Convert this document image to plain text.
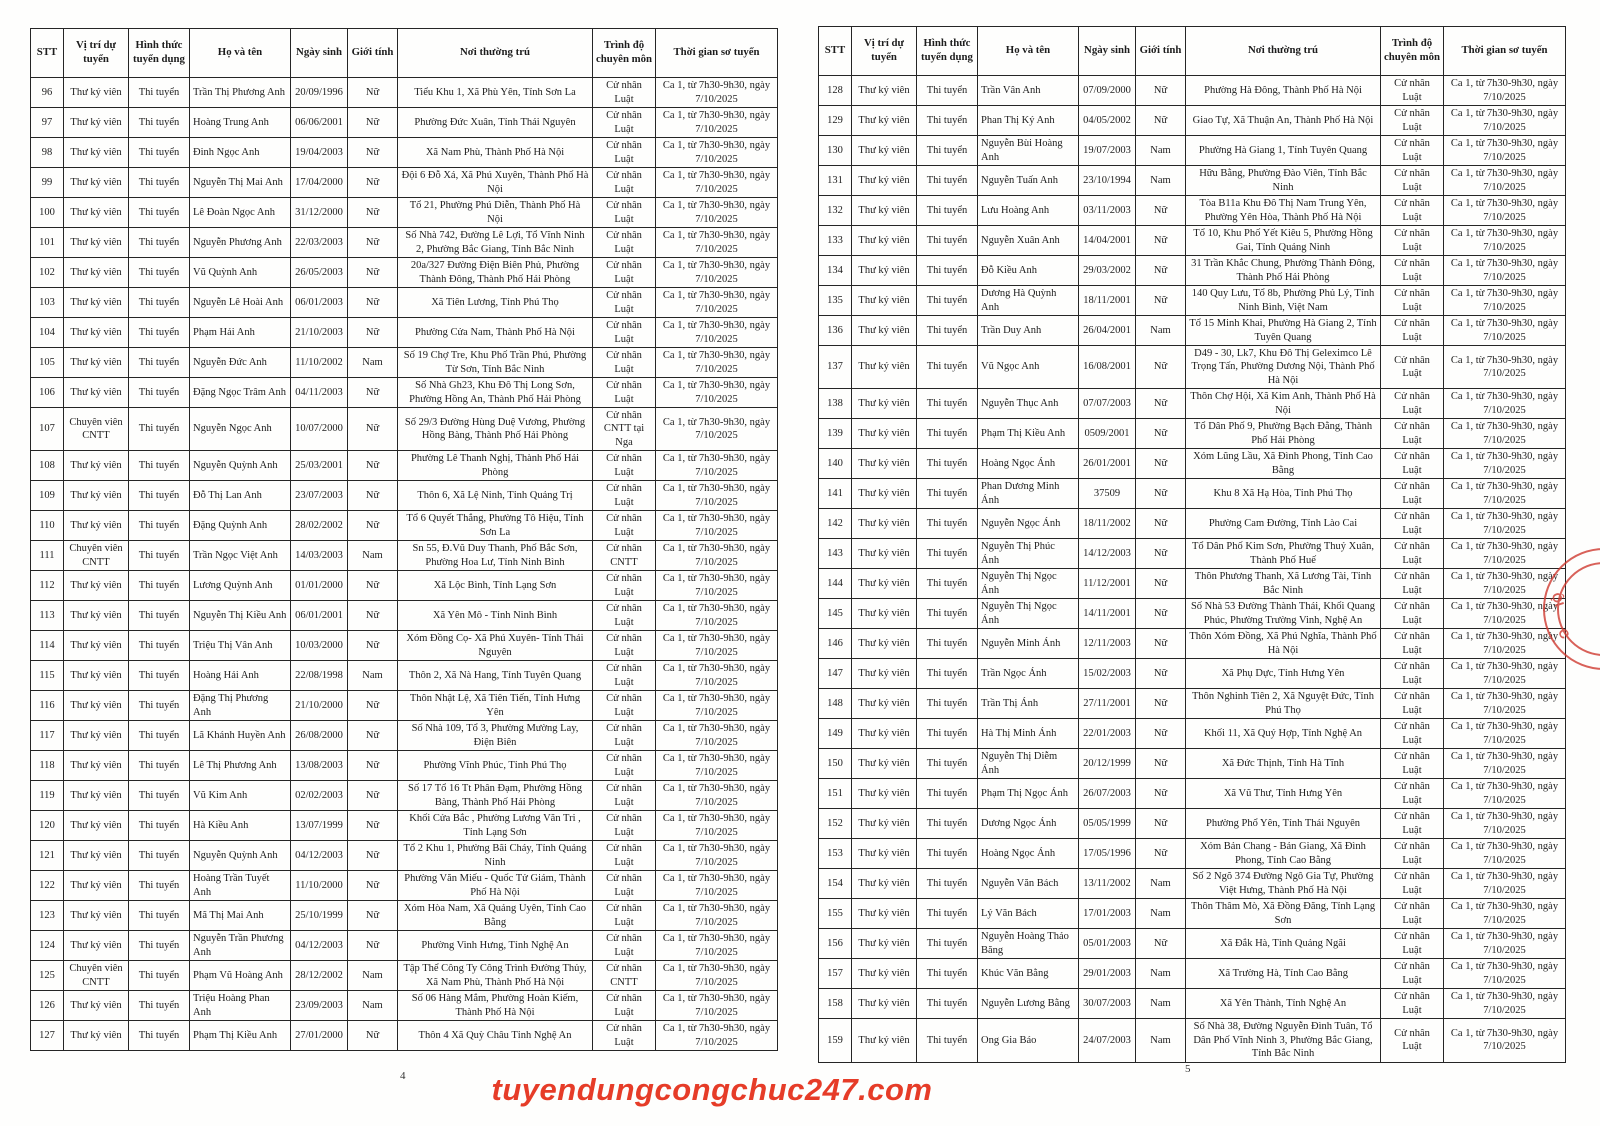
STT	Vị trí dự tuyển	Hình thức tuyển dụng	Họ và tên	Ngày sinh	Giới tính	Nơi thường trú	Trình độ chuyên môn	Thời gian sơ tuyển
96	Thư ký viên	Thi tuyển	Trần Thị Phương Anh	20/09/1996	Nữ	Tiểu Khu 1, Xã Phù Yên, Tỉnh Sơn La	Cử nhân Luật	Ca 1, từ 7h30-9h30, ngày 7/10/2025
97	Thư ký viên	Thi tuyển	Hoàng Trung Anh	06/06/2001	Nữ	Phường Đức Xuân, Tỉnh Thái Nguyên	Cử nhân Luật	Ca 1, từ 7h30-9h30, ngày 7/10/2025
98	Thư ký viên	Thi tuyển	Đinh Ngọc Anh	19/04/2003	Nữ	Xã Nam Phù, Thành Phố Hà Nội	Cử nhân Luật	Ca 1, từ 7h30-9h30, ngày 7/10/2025
99	Thư ký viên	Thi tuyển	Nguyễn Thị Mai Anh	17/04/2000	Nữ	Đội 6 Đỗ Xá, Xã Phú Xuyên, Thành Phố Hà Nội	Cử nhân Luật	Ca 1, từ 7h30-9h30, ngày 7/10/2025
100	Thư ký viên	Thi tuyển	Lê Đoàn Ngọc Anh	31/12/2000	Nữ	Tổ 21, Phường Phú Diễn, Thành Phố Hà Nội	Cử nhân Luật	Ca 1, từ 7h30-9h30, ngày 7/10/2025
101	Thư ký viên	Thi tuyển	Nguyễn Phương Anh	22/03/2003	Nữ	Số Nhà 742, Đường Lê Lợi, Tổ Vĩnh Ninh 2, Phường Bắc Giang, Tỉnh Bắc Ninh	Cử nhân Luật	Ca 1, từ 7h30-9h30, ngày 7/10/2025
102	Thư ký viên	Thi tuyển	Vũ Quỳnh Anh	26/05/2003	Nữ	20a/327 Đường Điện Biên Phủ, Phường Thành Đông, Thành Phố Hải Phòng	Cử nhân Luật	Ca 1, từ 7h30-9h30, ngày 7/10/2025
103	Thư ký viên	Thi tuyển	Nguyễn Lê Hoài Anh	06/01/2003	Nữ	Xã Tiên Lương, Tỉnh Phú Thọ	Cử nhân Luật	Ca 1, từ 7h30-9h30, ngày 7/10/2025
104	Thư ký viên	Thi tuyển	Phạm Hải Anh	21/10/2003	Nữ	Phường Cửa Nam, Thành Phố Hà Nội	Cử nhân Luật	Ca 1, từ 7h30-9h30, ngày 7/10/2025
105	Thư ký viên	Thi tuyển	Nguyễn Đức Anh	11/10/2002	Nam	Số 19 Chợ Tre, Khu Phố Trần Phú, Phường Từ Sơn, Tỉnh Bắc Ninh	Cử nhân Luật	Ca 1, từ 7h30-9h30, ngày 7/10/2025
106	Thư ký viên	Thi tuyển	Đặng Ngọc Trâm Anh	04/11/2003	Nữ	Số Nhà Gh23, Khu Đô Thị Long Sơn, Phường Hồng An, Thành Phố Hải Phòng	Cử nhân Luật	Ca 1, từ 7h30-9h30, ngày 7/10/2025
107	Chuyên viên CNTT	Thi tuyển	Nguyễn Ngọc Anh	10/07/2000	Nữ	Số 29/3 Đường Hùng Duệ Vương, Phường Hồng Bàng, Thành Phố Hải Phòng	Cử nhân CNTT tại Nga	Ca 1, từ 7h30-9h30, ngày 7/10/2025
108	Thư ký viên	Thi tuyển	Nguyễn Quỳnh Anh	25/03/2001	Nữ	Phường Lê Thanh Nghị, Thành Phố Hải Phòng	Cử nhân Luật	Ca 1, từ 7h30-9h30, ngày 7/10/2025
109	Thư ký viên	Thi tuyển	Đỗ Thị Lan Anh	23/07/2003	Nữ	Thôn 6, Xã Lệ Ninh, Tỉnh Quảng Trị	Cử nhân Luật	Ca 1, từ 7h30-9h30, ngày 7/10/2025
110	Thư ký viên	Thi tuyển	Đặng Quỳnh Anh	28/02/2002	Nữ	Tổ 6 Quyết Thắng, Phường Tô Hiệu, Tỉnh Sơn La	Cử nhân Luật	Ca 1, từ 7h30-9h30, ngày 7/10/2025
111	Chuyên viên CNTT	Thi tuyển	Trần Ngọc Việt Anh	14/03/2003	Nam	Sn 55, Đ.Vũ Duy Thanh, Phố Bắc Sơn, Phường Hoa Lư, Tỉnh Ninh Bình	Cử nhân CNTT	Ca 1, từ 7h30-9h30, ngày 7/10/2025
112	Thư ký viên	Thi tuyển	Lương Quỳnh Anh	01/01/2000	Nữ	Xã Lộc Bình, Tỉnh Lạng Sơn	Cử nhân Luật	Ca 1, từ 7h30-9h30, ngày 7/10/2025
113	Thư ký viên	Thi tuyển	Nguyễn Thị Kiều Anh	06/01/2001	Nữ	Xã Yên Mô - Tỉnh Ninh Bình	Cử nhân Luật	Ca 1, từ 7h30-9h30, ngày 7/10/2025
114	Thư ký viên	Thi tuyển	Triệu Thị Vân Anh	10/03/2000	Nữ	Xóm Đồng Cọ- Xã Phú Xuyên- Tỉnh Thái Nguyên	Cử nhân Luật	Ca 1, từ 7h30-9h30, ngày 7/10/2025
115	Thư ký viên	Thi tuyển	Hoàng Hải Anh	22/08/1998	Nam	Thôn 2, Xã Nà Hang, Tỉnh Tuyên Quang	Cử nhân Luật	Ca 1, từ 7h30-9h30, ngày 7/10/2025
116	Thư ký viên	Thi tuyển	Đặng Thị Phương Anh	21/10/2000	Nữ	Thôn Nhật Lệ, Xã Tiên Tiến, Tỉnh Hưng Yên	Cử nhân Luật	Ca 1, từ 7h30-9h30, ngày 7/10/2025
117	Thư ký viên	Thi tuyển	Lã Khánh Huyền Anh	26/08/2000	Nữ	Số Nhà 109, Tổ 3, Phường Mường Lay, Điện Biên	Cử nhân Luật	Ca 1, từ 7h30-9h30, ngày 7/10/2025
118	Thư ký viên	Thi tuyển	Lê Thị Phương Anh	13/08/2003	Nữ	Phường Vĩnh Phúc, Tỉnh Phú Thọ	Cử nhân Luật	Ca 1, từ 7h30-9h30, ngày 7/10/2025
119	Thư ký viên	Thi tuyển	Vũ Kim Anh	02/02/2003	Nữ	Số 17 Tổ 16 Tt Phân Đạm, Phường Hồng Bàng, Thành Phố Hải Phòng	Cử nhân Luật	Ca 1, từ 7h30-9h30, ngày 7/10/2025
120	Thư ký viên	Thi tuyển	Hà Kiều Anh	13/07/1999	Nữ	Khối Cửa Bắc , Phường Lương Văn Tri , Tỉnh Lạng Sơn	Cử nhân Luật	Ca 1, từ 7h30-9h30, ngày 7/10/2025
121	Thư ký viên	Thi tuyển	Nguyễn Quỳnh Anh	04/12/2003	Nữ	Tổ 2 Khu 1, Phường Bãi Cháy, Tỉnh Quảng Ninh	Cử nhân Luật	Ca 1, từ 7h30-9h30, ngày 7/10/2025
122	Thư ký viên	Thi tuyển	Hoàng Trần Tuyết Anh	11/10/2000	Nữ	Phường Văn Miếu - Quốc Tử Giám, Thành Phố Hà Nội	Cử nhân Luật	Ca 1, từ 7h30-9h30, ngày 7/10/2025
123	Thư ký viên	Thi tuyển	Mã Thị Mai Anh	25/10/1999	Nữ	Xóm Hòa Nam, Xã Quảng Uyên, Tỉnh Cao Bằng	Cử nhân Luật	Ca 1, từ 7h30-9h30, ngày 7/10/2025
124	Thư ký viên	Thi tuyển	Nguyễn Trần Phương Anh	04/12/2003	Nữ	Phường Vinh Hưng, Tỉnh Nghệ An	Cử nhân Luật	Ca 1, từ 7h30-9h30, ngày 7/10/2025
125	Chuyên viên CNTT	Thi tuyển	Phạm Vũ Hoàng Anh	28/12/2002	Nam	Tập Thể Công Ty Công Trình Đường Thủy, Xã Nam Phù, Thành Phố Hà Nội	Cử nhân CNTT	Ca 1, từ 7h30-9h30, ngày 7/10/2025
126	Thư ký viên	Thi tuyển	Triệu Hoàng Phan Anh	23/09/2003	Nam	Số 06 Hàng Mắm, Phường Hoàn Kiếm, Thành Phố Hà Nội	Cử nhân Luật	Ca 1, từ 7h30-9h30, ngày 7/10/2025
127	Thư ký viên	Thi tuyển	Phạm Thị Kiều Anh	27/01/2000	Nữ	Thôn 4 Xã Quỳ Châu Tỉnh Nghệ An	Cử nhân Luật	Ca 1, từ 7h30-9h30, ngày 7/10/2025
STT	Vị trí dự tuyển	Hình thức tuyển dụng	Họ và tên	Ngày sinh	Giới tính	Nơi thường trú	Trình độ chuyên môn	Thời gian sơ tuyển
128	Thư ký viên	Thi tuyển	Trần Vân Anh	07/09/2000	Nữ	Phường Hà Đông, Thành Phố Hà Nội	Cử nhân Luật	Ca 1, từ 7h30-9h30, ngày 7/10/2025
129	Thư ký viên	Thi tuyển	Phan Thị Ký Anh	04/05/2002	Nữ	Giao Tự, Xã Thuận An, Thành Phố Hà Nội	Cử nhân Luật	Ca 1, từ 7h30-9h30, ngày 7/10/2025
130	Thư ký viên	Thi tuyển	Nguyễn Bùi Hoàng Anh	19/07/2003	Nam	Phường Hà Giang 1, Tỉnh Tuyên Quang	Cử nhân Luật	Ca 1, từ 7h30-9h30, ngày 7/10/2025
131	Thư ký viên	Thi tuyển	Nguyễn Tuấn Anh	23/10/1994	Nam	Hữu Bằng, Phường Đào Viên, Tỉnh Bắc Ninh	Cử nhân Luật	Ca 1, từ 7h30-9h30, ngày 7/10/2025
132	Thư ký viên	Thi tuyển	Lưu Hoàng Anh	03/11/2003	Nữ	Tòa B11a Khu Đô Thị Nam Trung Yên, Phường Yên Hòa, Thành Phố Hà Nội	Cử nhân Luật	Ca 1, từ 7h30-9h30, ngày 7/10/2025
133	Thư ký viên	Thi tuyển	Nguyễn Xuân Anh	14/04/2001	Nữ	Tổ 10, Khu Phố Yết Kiêu 5, Phường Hồng Gai, Tỉnh Quảng Ninh	Cử nhân Luật	Ca 1, từ 7h30-9h30, ngày 7/10/2025
134	Thư ký viên	Thi tuyển	Đỗ Kiều Anh	29/03/2002	Nữ	31 Trần Khắc Chung, Phường Thành Đông, Thành Phố Hải Phòng	Cử nhân Luật	Ca 1, từ 7h30-9h30, ngày 7/10/2025
135	Thư ký viên	Thi tuyển	Dương Hà Quỳnh Anh	18/11/2001	Nữ	140 Quy Lưu, Tổ 8b, Phường Phủ Lý, Tỉnh Ninh Bình, Việt Nam	Cử nhân Luật	Ca 1, từ 7h30-9h30, ngày 7/10/2025
136	Thư ký viên	Thi tuyển	Trần Duy Anh	26/04/2001	Nam	Tổ 15 Minh Khai, Phường Hà Giang 2, Tỉnh Tuyên Quang	Cử nhân Luật	Ca 1, từ 7h30-9h30, ngày 7/10/2025
137	Thư ký viên	Thi tuyển	Vũ Ngọc Anh	16/08/2001	Nữ	D49 - 30, Lk7, Khu Đô Thị Geleximco Lê Trọng Tấn, Phường Dương Nội, Thành Phố Hà Nội	Cử nhân Luật	Ca 1, từ 7h30-9h30, ngày 7/10/2025
138	Thư ký viên	Thi tuyển	Nguyễn Thục Anh	07/07/2003	Nữ	Thôn Chợ Hội, Xã Kim Anh, Thành Phố Hà Nội	Cử nhân Luật	Ca 1, từ 7h30-9h30, ngày 7/10/2025
139	Thư ký viên	Thi tuyển	Phạm Thị Kiều Anh	0509/2001	Nữ	Tổ Dân Phố 9, Phường Bạch Đằng, Thành Phố Hải Phòng	Cử nhân Luật	Ca 1, từ 7h30-9h30, ngày 7/10/2025
140	Thư ký viên	Thi tuyển	Hoàng Ngọc Ánh	26/01/2001	Nữ	Xóm Lũng Lầu, Xã Đình Phong, Tỉnh Cao Bằng	Cử nhân Luật	Ca 1, từ 7h30-9h30, ngày 7/10/2025
141	Thư ký viên	Thi tuyển	Phan Dương Minh Ánh	37509	Nữ	Khu 8 Xã Hạ Hòa, Tỉnh Phú Thọ	Cử nhân Luật	Ca 1, từ 7h30-9h30, ngày 7/10/2025
142	Thư ký viên	Thi tuyển	Nguyễn Ngọc Ánh	18/11/2002	Nữ	Phường Cam Đường, Tỉnh Lào Cai	Cử nhân Luật	Ca 1, từ 7h30-9h30, ngày 7/10/2025
143	Thư ký viên	Thi tuyển	Nguyễn Thị Phúc Ánh	14/12/2003	Nữ	Tổ Dân Phố Kim Sơn, Phường Thuỷ Xuân, Thành Phố Huế	Cử nhân Luật	Ca 1, từ 7h30-9h30, ngày 7/10/2025
144	Thư ký viên	Thi tuyển	Nguyễn Thị Ngọc Ánh	11/12/2001	Nữ	Thôn Phương Thanh, Xã Lương Tài, Tỉnh Bắc Ninh	Cử nhân Luật	Ca 1, từ 7h30-9h30, ngày 7/10/2025
145	Thư ký viên	Thi tuyển	Nguyễn Thị Ngọc Ánh	14/11/2001	Nữ	Số Nhà 53 Đường Thành Thái, Khối Quang Phúc, Phường Trường Vinh, Nghệ An	Cử nhân Luật	Ca 1, từ 7h30-9h30, ngày 7/10/2025
146	Thư ký viên	Thi tuyển	Nguyễn Minh Ánh	12/11/2003	Nữ	Thôn Xóm Đồng, Xã Phú Nghĩa, Thành Phố Hà Nội	Cử nhân Luật	Ca 1, từ 7h30-9h30, ngày 7/10/2025
147	Thư ký viên	Thi tuyển	Trần Ngọc Ánh	15/02/2003	Nữ	Xã Phụ Dực, Tỉnh Hưng Yên	Cử nhân Luật	Ca 1, từ 7h30-9h30, ngày 7/10/2025
148	Thư ký viên	Thi tuyển	Trần Thị Ánh	27/11/2001	Nữ	Thôn Nghinh Tiên 2, Xã Nguyệt Đức, Tỉnh Phú Thọ	Cử nhân Luật	Ca 1, từ 7h30-9h30, ngày 7/10/2025
149	Thư ký viên	Thi tuyển	Hà Thị Minh Ánh	22/01/2003	Nữ	Khối 11, Xã Quý Hợp, Tỉnh Nghệ An	Cử nhân Luật	Ca 1, từ 7h30-9h30, ngày 7/10/2025
150	Thư ký viên	Thi tuyển	Nguyễn Thị Diễm Ánh	20/12/1999	Nữ	Xã Đức Thịnh, Tỉnh Hà Tĩnh	Cử nhân Luật	Ca 1, từ 7h30-9h30, ngày 7/10/2025
151	Thư ký viên	Thi tuyển	Phạm Thị Ngọc Ánh	26/07/2003	Nữ	Xã Vũ Thư, Tỉnh Hưng Yên	Cử nhân Luật	Ca 1, từ 7h30-9h30, ngày 7/10/2025
152	Thư ký viên	Thi tuyển	Dương Ngọc Ánh	05/05/1999	Nữ	Phường Phổ Yên, Tỉnh Thái Nguyên	Cử nhân Luật	Ca 1, từ 7h30-9h30, ngày 7/10/2025
153	Thư ký viên	Thi tuyển	Hoàng Ngọc Ánh	17/05/1996	Nữ	Xóm Bản Chang - Bản Giang, Xã Đình Phong, Tỉnh Cao Bằng	Cử nhân Luật	Ca 1, từ 7h30-9h30, ngày 7/10/2025
154	Thư ký viên	Thi tuyển	Nguyễn Văn Bách	13/11/2002	Nam	Số 2 Ngõ 374 Đường Ngô Gia Tự, Phường Việt Hưng, Thành Phố Hà Nội	Cử nhân Luật	Ca 1, từ 7h30-9h30, ngày 7/10/2025
155	Thư ký viên	Thi tuyển	Lý Văn Bách	17/01/2003	Nam	Thôn Thâm Mò, Xã Đồng Đăng, Tỉnh Lạng Sơn	Cử nhân Luật	Ca 1, từ 7h30-9h30, ngày 7/10/2025
156	Thư ký viên	Thi tuyển	Nguyễn Hoàng Thảo Băng	05/01/2003	Nữ	Xã Đắk Hà, Tỉnh Quảng Ngãi	Cử nhân Luật	Ca 1, từ 7h30-9h30, ngày 7/10/2025
157	Thư ký viên	Thi tuyển	Khúc Văn Bằng	29/01/2003	Nam	Xã Trường Hà, Tỉnh Cao Bằng	Cử nhân Luật	Ca 1, từ 7h30-9h30, ngày 7/10/2025
158	Thư ký viên	Thi tuyển	Nguyễn Lương Bằng	30/07/2003	Nam	Xã Yên Thành, Tỉnh Nghệ An	Cử nhân Luật	Ca 1, từ 7h30-9h30, ngày 7/10/2025
159	Thư ký viên	Thi tuyển	Ong Gia Báo	24/07/2003	Nam	Số Nhà 38, Đường Nguyễn Đình Tuân, Tổ Dân Phố Vĩnh Ninh 3, Phường Bắc Giang, Tỉnh Bắc Ninh	Cử nhân Luật	Ca 1, từ 7h30-9h30, ngày 7/10/2025
ỘI
C
4
5
tuyendungcongchuc247.com
